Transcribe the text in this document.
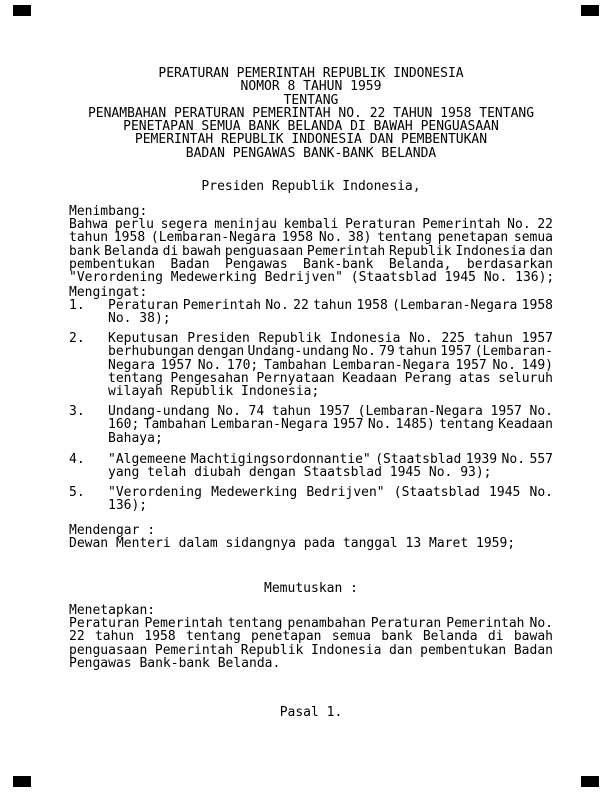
PERATURAN PEMERINTAH REPUBLIK INDONESIA
NOMOR 8 TAHUN 1959
TENTANG
PENAMBAHAN PERATURAN PEMERINTAH NO. 22 TAHUN 1958 TENTANG
PENETAPAN SEMUA BANK BELANDA DI BAWAH PENGUASAAN
PEMERINTAH REPUBLIK INDONESIA DAN PEMBENTUKAN
BADAN PENGAWAS BANK-BANK BELANDA
Presiden Republik Indonesia,
Menimbang:
Bahwa perlu segera meninjau kembali Peraturan Pemerintah No. 22
tahun 1958 (Lembaran-Negara 1958 No. 38) tentang penetapan semua
bank Belanda di bawah penguasaan Pemerintah Republik Indonesia dan
pembentukan Badan Pengawas Bank-bank Belanda, berdasarkan
"Verordening Medewerking Bedrijven" (Staatsblad 1945 No. 136);
Mengingat:
1. Peraturan Pemerintah No. 22 tahun 1958 (Lembaran-Negara 1958
No. 38);
2. Keputusan Presiden Republik Indonesia No. 225 tahun 1957
berhubungan dengan Undang-undang No. 79 tahun 1957 (Lembaran-
Negara 1957 No. 170; Tambahan Lembaran-Negara 1957 No. 149)
tentang Pengesahan Pernyataan Keadaan Perang atas seluruh
wilayah Republik Indonesia;
3. Undang-undang No. 74 tahun 1957 (Lembaran-Negara 1957 No.
160; Tambahan Lembaran-Negara 1957 No. 1485) tentang Keadaan
Bahaya;
4. "Algemeene Machtigingsordonnantie" (Staatsblad 1939 No. 557
yang telah diubah dengan Staatsblad 1945 No. 93);
5. "Verordening Medewerking Bedrijven" (Staatsblad 1945 No.
136);
Mendengar :
Dewan Menteri dalam sidangnya pada tanggal 13 Maret 1959;
Memutuskan :
Menetapkan:
Peraturan Pemerintah tentang penambahan Peraturan Pemerintah No.
22 tahun 1958 tentang penetapan semua bank Belanda di bawah
penguasaan Pemerintah Republik Indonesia dan pembentukan Badan
Pengawas Bank-bank Belanda.
Pasal 1.
